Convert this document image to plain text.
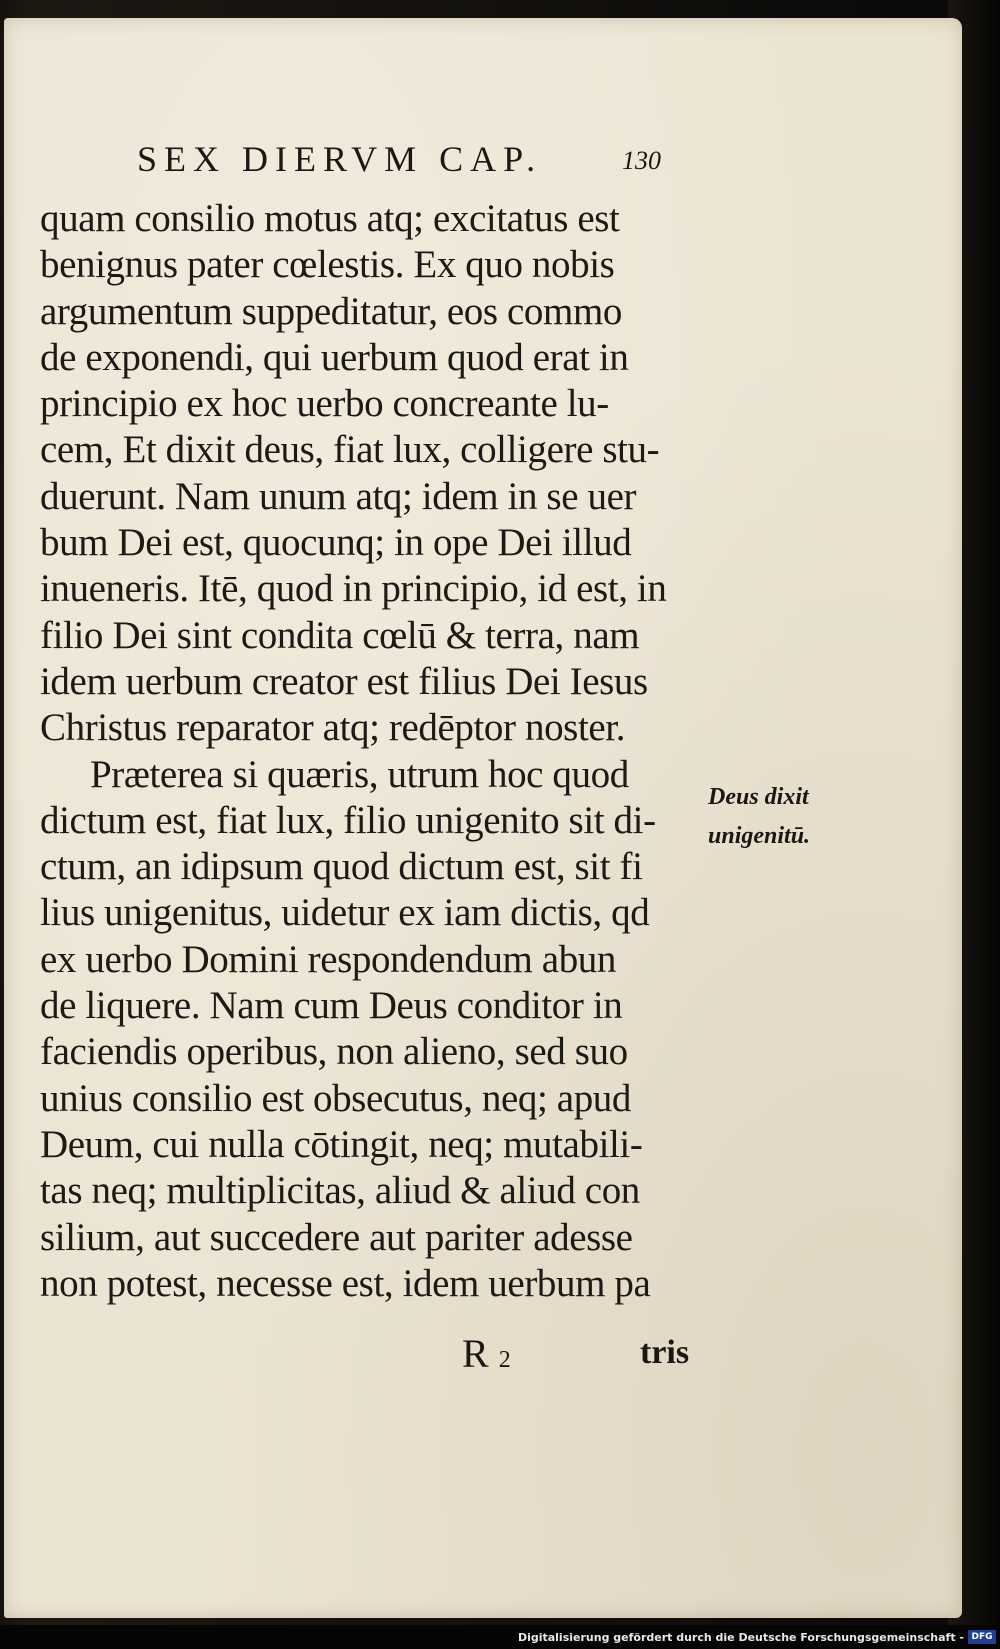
SEX DIERVM CAP.	130
quam consilio motus atq; excitatus est
benignus pater cœlestis. Ex quo nobis
argumentum suppeditatur, eos commo
de exponendi, qui uerbum quod erat in
principio ex hoc uerbo concreante lu-
cem, Et dixit deus, fiat lux, colligere stu-
duerunt. Nam unum atq; idem in se uer
bum Dei est, quocunq; in ope Dei illud
inueneris. Itē, quod in principio, id est, in
filio Dei sint condita cœlū & terra, nam
idem uerbum creator est filius Dei Iesus
Christus reparator atq; redēptor noster.
Præterea si quæris, utrum hoc quod
dictum est, fiat lux, filio unigenito sit di-
ctum, an idipsum quod dictum est, sit fi
lius unigenitus, uidetur ex iam dictis, qd
ex uerbo Domini respondendum abun
de liquere. Nam cum Deus conditor in
faciendis operibus, non alieno, sed suo
unius consilio est obsecutus, neq; apud
Deum, cui nulla cōtingit, neq; mutabili-
tas neq; multiplicitas, aliud & aliud con
silium, aut succedere aut pariter adesse
non potest, necesse est, idem uerbum pa
Deus dixit
unigenitū.
R 2	tris
Digitalisierung gefördert durch die Deutsche Forschungsgemeinschaft - DFG
